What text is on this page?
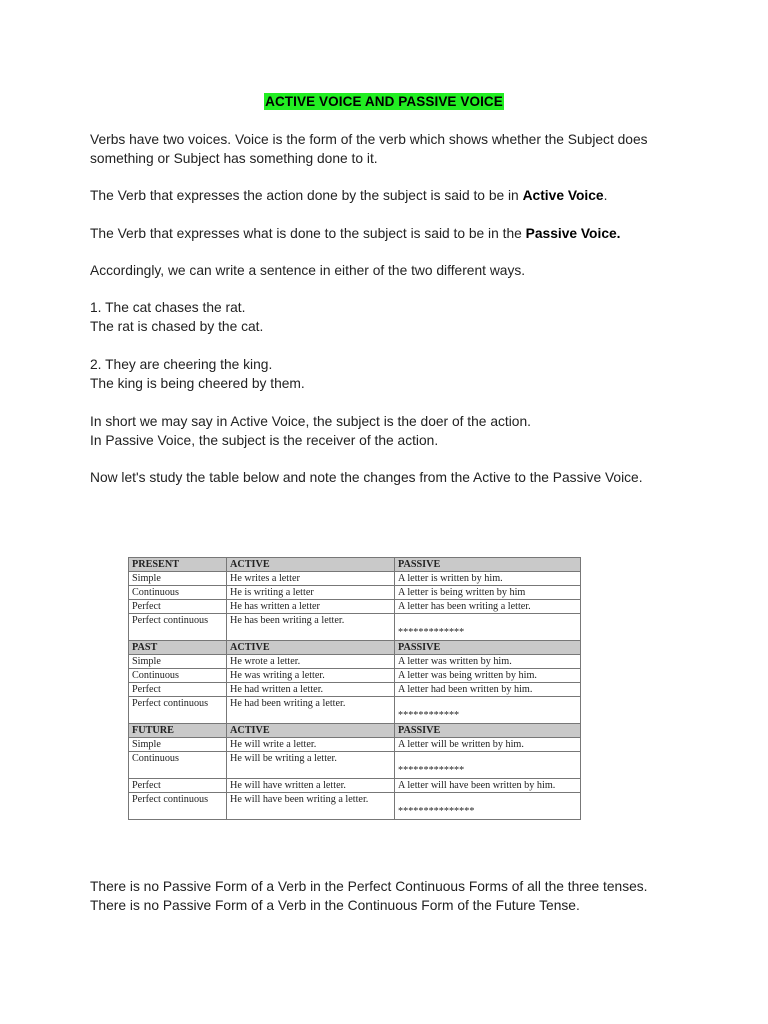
ACTIVE VOICE AND PASSIVE VOICE

Verbs have two voices. Voice is the form of the verb which shows whether the Subject does
something or Subject has something done to it.

The Verb that expresses the action done by the subject is said to be in Active Voice.

The Verb that expresses what is done to the subject is said to be in the Passive Voice.

Accordingly, we can write a sentence in either of the two different ways.

1. The cat chases the rat.
The rat is chased by the cat.

2. They are cheering the king.
The king is being cheered by them.

In short we may say in Active Voice, the subject is the doer of the action.
In Passive Voice, the subject is the receiver of the action.

Now let's study the table below and note the changes from the Active to the Passive Voice.

PRESENT	ACTIVE	PASSIVE
Simple	He writes a letter	A letter is written by him.
Continuous	He is writing a letter	A letter is being written by him
Perfect	He has written a letter	A letter has been writing a letter.
Perfect continuous	He has been writing a letter.	*************

PAST	ACTIVE	PASSIVE
Simple	He wrote a letter.	A letter was written by him.
Continuous	He was writing a letter.	A letter was being written by him.
Perfect	He had written a letter.	A letter had been written by him.
Perfect continuous	He had been writing a letter.	************

FUTURE	ACTIVE	PASSIVE
Simple	He will write a letter.	A letter will be written by him.
Continuous	He will be writing a letter.	*************

Perfect	He will have written a letter.	A letter will have been written by him.
Perfect continuous	He will have been writing a letter.	***************

There is no Passive Form of a Verb in the Perfect Continuous Forms of all the three tenses.
There is no Passive Form of a Verb in the Continuous Form of the Future Tense.
